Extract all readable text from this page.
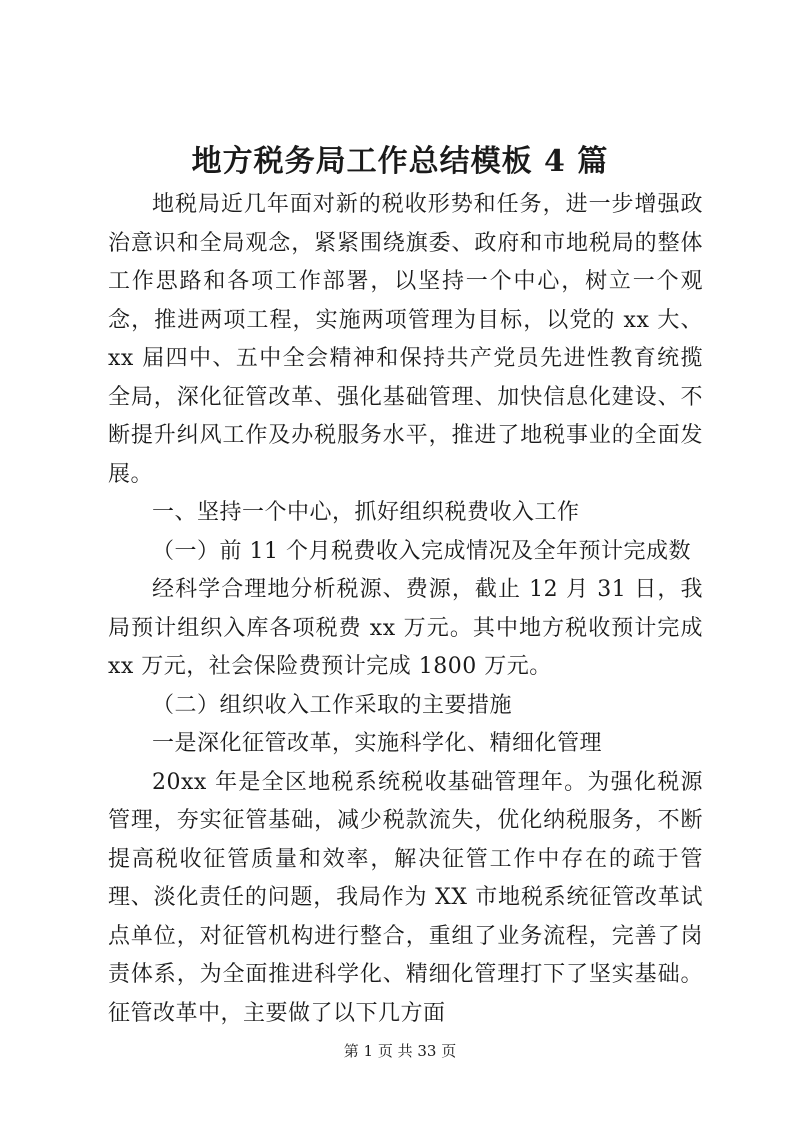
地方税务局工作总结模板 4 篇

地税局近几年面对新的税收形势和任务，进一步增强政治意识和全局观念，紧紧围绕旗委、政府和市地税局的整体工作思路和各项工作部署，以坚持一个中心，树立一个观念，推进两项工程，实施两项管理为目标，以党的 xx 大、xx 届四中、五中全会精神和保持共产党员先进性教育统揽全局，深化征管改革、强化基础管理、加快信息化建设、不断提升纠风工作及办税服务水平，推进了地税事业的全面发展。

一、坚持一个中心，抓好组织税费收入工作

（一）前 11 个月税费收入完成情况及全年预计完成数

经科学合理地分析税源、费源，截止 12 月 31 日，我局预计组织入库各项税费 xx 万元。其中地方税收预计完成 xx 万元，社会保险费预计完成 1800 万元。

（二）组织收入工作采取的主要措施

一是深化征管改革，实施科学化、精细化管理

20xx 年是全区地税系统税收基础管理年。为强化税源管理，夯实征管基础，减少税款流失，优化纳税服务，不断提高税收征管质量和效率，解决征管工作中存在的疏于管理、淡化责任的问题，我局作为 XX 市地税系统征管改革试点单位，对征管机构进行整合，重组了业务流程，完善了岗责体系，为全面推进科学化、精细化管理打下了坚实基础。征管改革中，主要做了以下几方面

第 1 页 共 33 页
